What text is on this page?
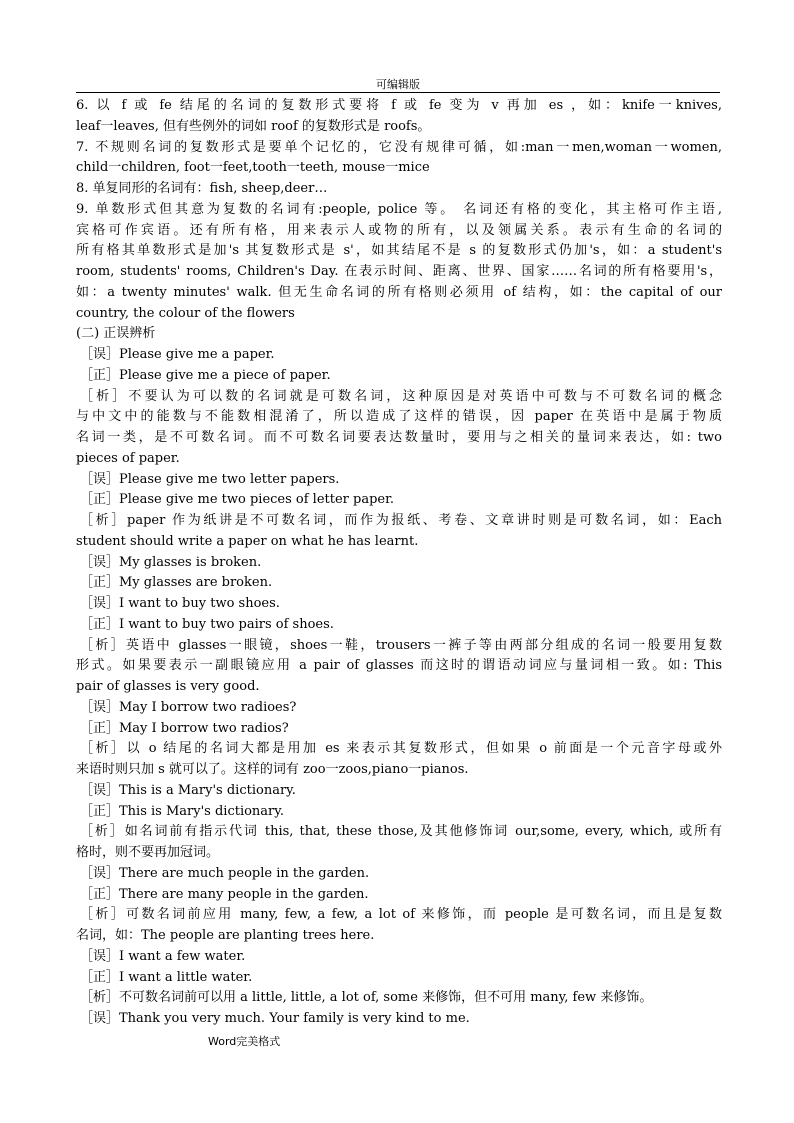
可编辑版
6. 以 f 或 fe 结尾的名词的复数形式要将 f 或 fe 变为 v 再加 es ，如：knife一knives,
leaf一leaves, 但有些例外的词如 roof 的复数形式是 roofs。
7. 不规则名词的复数形式是要单个记忆的，它没有规律可循，如:man一men,woman一women,
child一children, foot一feet,tooth一teeth, mouse一mice
8. 单复同形的名词有：fish, sheep,deer…
9. 单数形式但其意为复数的名词有:people, police 等。 名词还有格的变化，其主格可作主语,
宾格可作宾语。还有所有格，用来表示人或物的所有，以及领属关系。表示有生命的名词的
所有格其单数形式是加's 其复数形式是 s'，如其结尾不是 s 的复数形式仍加's，如：a student's
room, students' rooms, Children's Day. 在表示时间、距离、世界、国家……名词的所有格要用's，
如：a twenty minutes' walk. 但无生命名词的所有格则必须用 of 结构，如：the capital of our
country, the colour of the flowers
(二) 正误辨析
［误］Please give me a paper.
［正］Please give me a piece of paper.
［析］不要认为可以数的名词就是可数名词，这种原因是对英语中可数与不可数名词的概念
与中文中的能数与不能数相混淆了，所以造成了这样的错误，因 paper 在英语中是属于物质
名词一类，是不可数名词。而不可数名词要表达数量时，要用与之相关的量词来表达，如: two
pieces of paper.
［误］Please give me two letter papers.
［正］Please give me two pieces of letter paper.
［析］paper 作为纸讲是不可数名词，而作为报纸、考卷、文章讲时则是可数名词，如：Each
student should write a paper on what he has learnt.
［误］My glasses is broken.
［正］My glasses are broken.
［误］I want to buy two shoes.
［正］I want to buy two pairs of shoes.
［析］英语中 glasses一眼镜，shoes一鞋，trousers一裤子等由两部分组成的名词一般要用复数
形式。如果要表示一副眼镜应用 a pair of glasses 而这时的谓语动词应与量词相一致。如: This
pair of glasses is very good.
［误］May I borrow two radioes?
［正］May I borrow two radios?
［析］以 o 结尾的名词大都是用加 es 来表示其复数形式，但如果 o 前面是一个元音字母或外
来语时则只加 s 就可以了。这样的词有 zoo一zoos,piano一pianos.
［误］This is a Mary's dictionary.
［正］This is Mary's dictionary.
［析］如名词前有指示代词 this, that, these those,及其他修饰词 our,some, every, which, 或所有
格时，则不要再加冠词。
［误］There are much people in the garden.
［正］There are many people in the garden.
［析］可数名词前应用 many, few, a few, a lot of 来修饰，而 people 是可数名词，而且是复数
名词，如：The people are planting trees here.
［误］I want a few water.
［正］I want a little water.
［析］不可数名词前可以用 a little, little, a lot of, some 来修饰，但不可用 many, few 来修饰。
［误］Thank you very much. Your family is very kind to me.
Word完美格式
